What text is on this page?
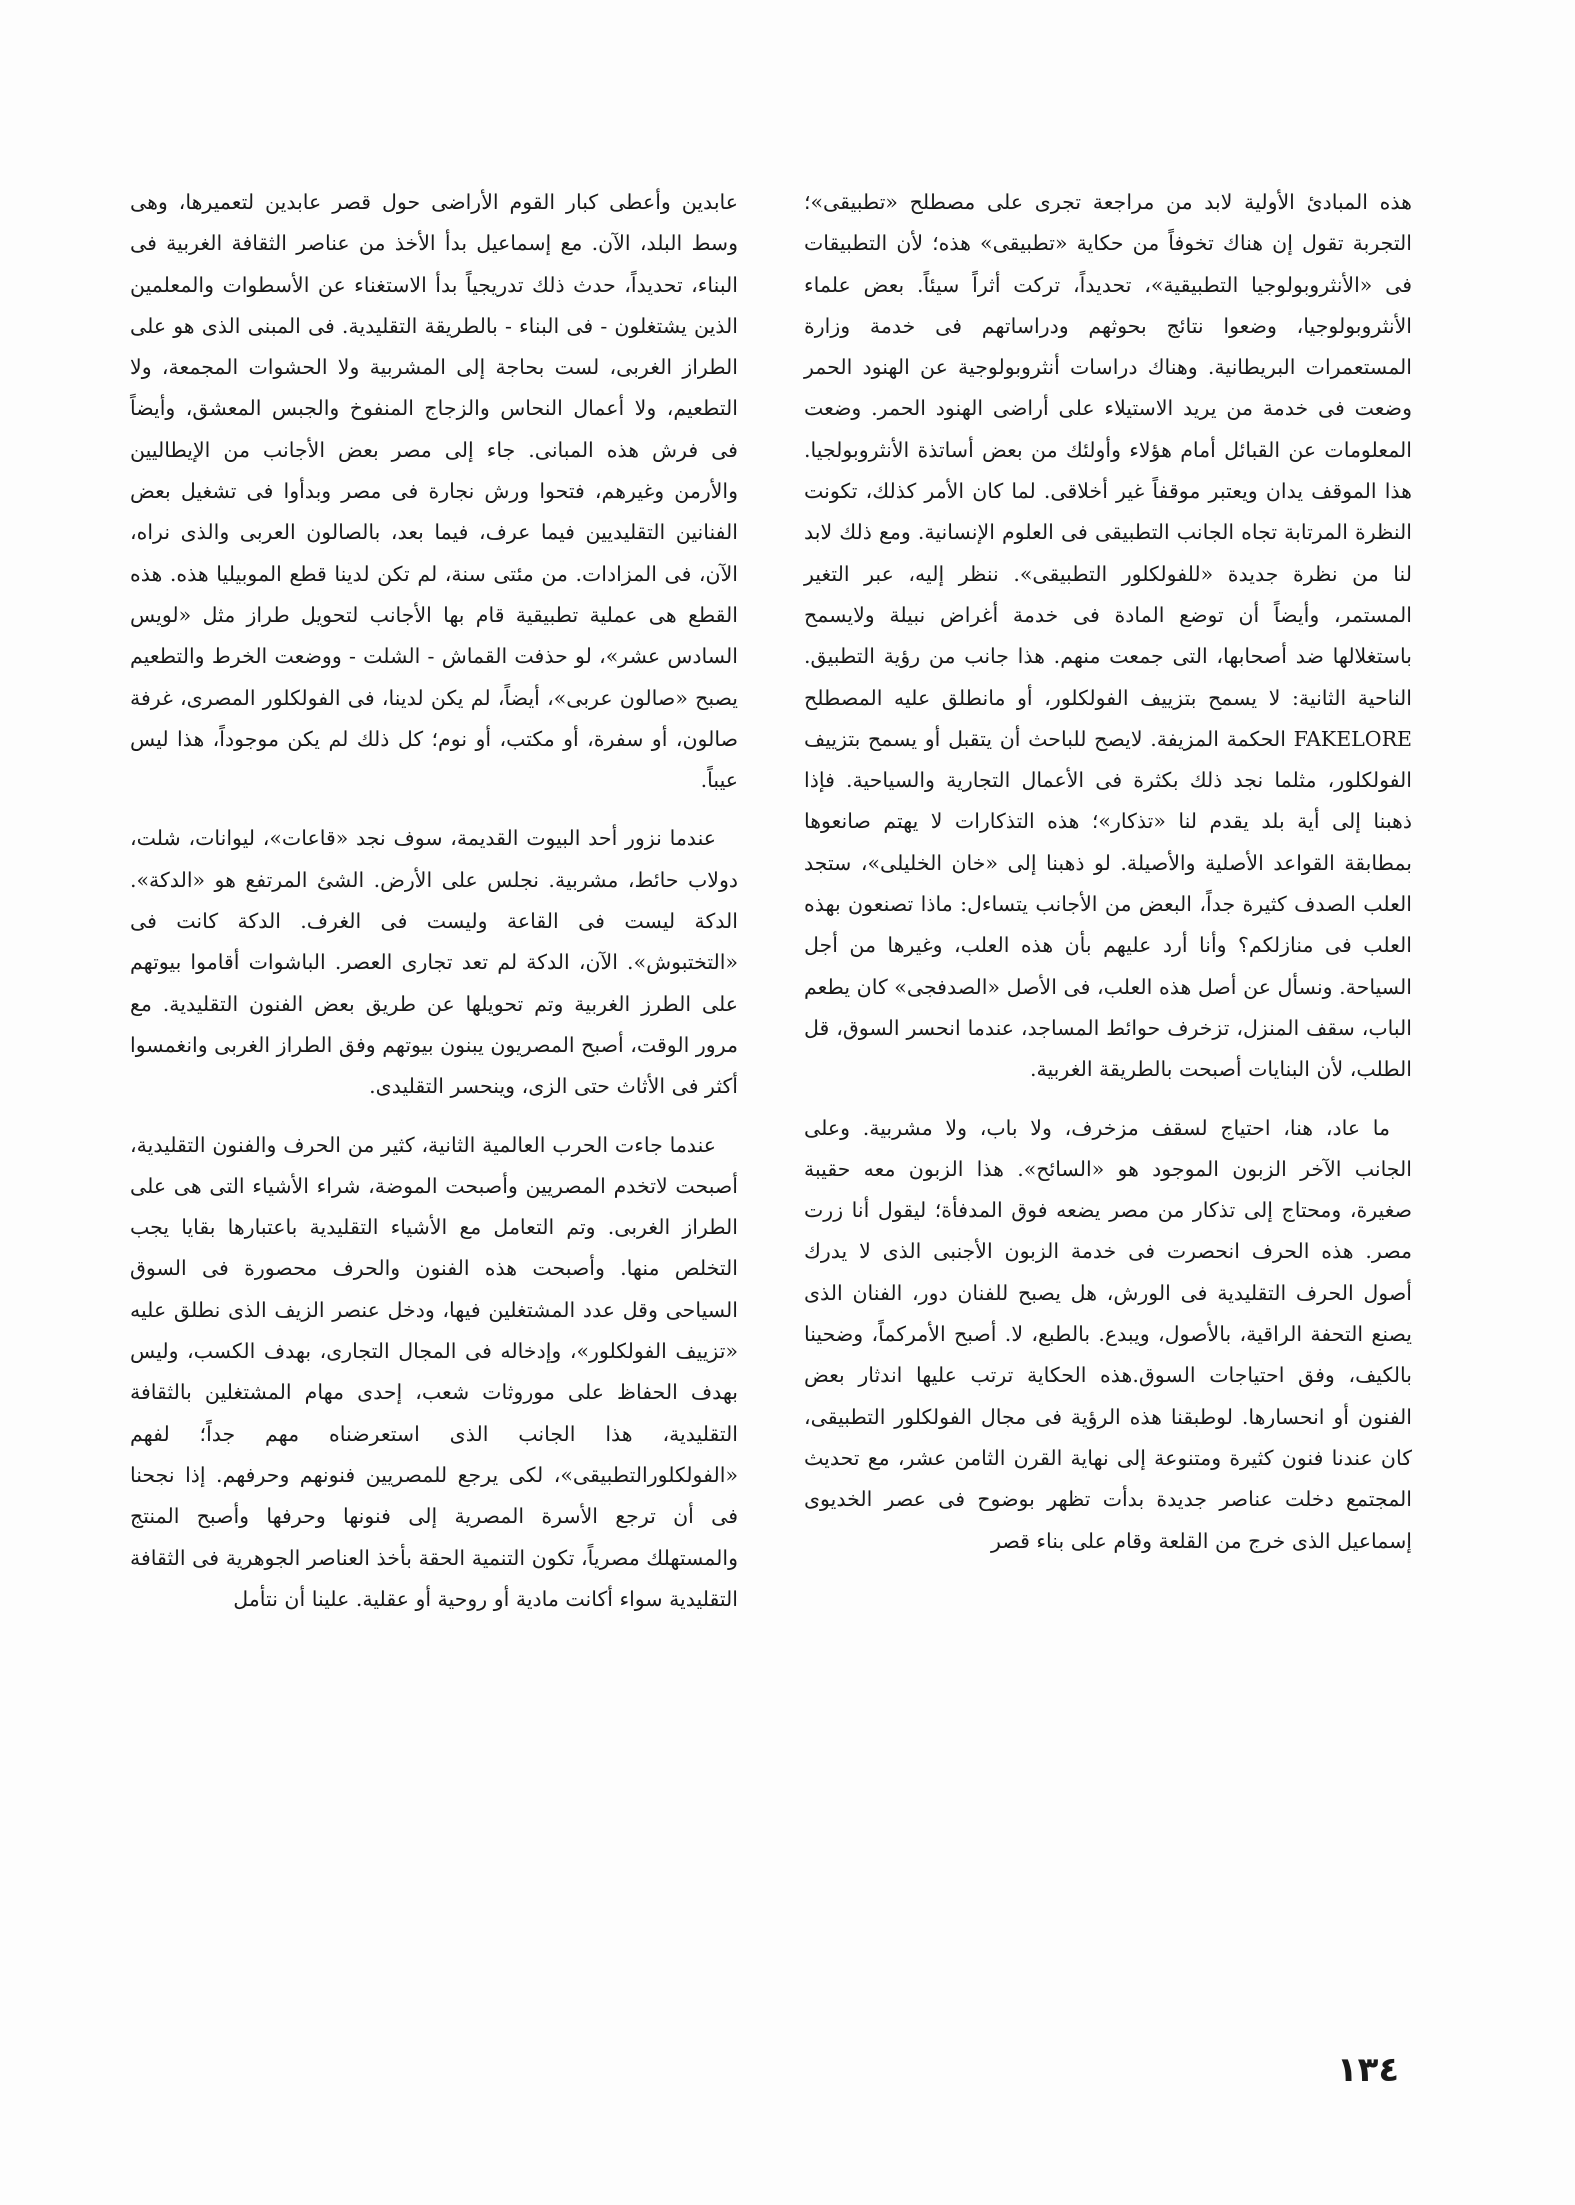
هذه المبادئ الأولية لابد من مراجعة تجرى على مصطلح «تطبيقى»؛ التجربة تقول إن هناك تخوفاً من حكاية «تطبيقى» هذه؛ لأن التطبيقات فى «الأنثروبولوجيا التطبيقية»، تحديداً، تركت أثراً سيئاً. بعض علماء الأنثروبولوجيا، وضعوا نتائج بحوثهم ودراساتهم فى خدمة وزارة المستعمرات البريطانية. وهناك دراسات أنثروبولوجية عن الهنود الحمر وضعت فى خدمة من يريد الاستيلاء على أراضى الهنود الحمر. وضعت المعلومات عن القبائل أمام هؤلاء وأولئك من بعض أساتذة الأنثروبولجيا. هذا الموقف يدان ويعتبر موقفاً غير أخلاقى. لما كان الأمر كذلك، تكونت النظرة المرتابة تجاه الجانب التطبيقى فى العلوم الإنسانية. ومع ذلك لابد لنا من نظرة جديدة «للفولكلور التطبيقى». ننظر إليه، عبر التغير المستمر، وأيضاً أن توضع المادة فى خدمة أغراض نبيلة ولايسمح باستغلالها ضد أصحابها، التى جمعت منهم. هذا جانب من رؤية التطبيق. الناحية الثانية: لا يسمح بتزييف الفولكلور، أو مانطلق عليه المصطلح FAKELORE الحكمة المزيفة. لايصح للباحث أن يتقبل أو يسمح بتزييف الفولكلور، مثلما نجد ذلك بكثرة فى الأعمال التجارية والسياحية. فإذا ذهبنا إلى أية بلد يقدم لنا «تذكار»؛ هذه التذكارات لا يهتم صانعوها بمطابقة القواعد الأصلية والأصيلة. لو ذهبنا إلى «خان الخليلى»، ستجد العلب الصدف كثيرة جداً، البعض من الأجانب يتساءل: ماذا تصنعون بهذه العلب فى منازلكم؟ وأنا أرد عليهم بأن هذه العلب، وغيرها من أجل السياحة. ونسأل عن أصل هذه العلب، فى الأصل «الصدفجى» كان يطعم الباب، سقف المنزل، تزخرف حوائط المساجد، عندما انحسر السوق، قل الطلب، لأن البنايات أصبحت بالطريقة الغربية.

ما عاد، هنا، احتياج لسقف مزخرف، ولا باب، ولا مشربية. وعلى الجانب الآخر الزبون الموجود هو «السائح». هذا الزبون معه حقيبة صغيرة، ومحتاج إلى تذكار من مصر يضعه فوق المدفأة؛ ليقول أنا زرت مصر. هذه الحرف انحصرت فى خدمة الزبون الأجنبى الذى لا يدرك أصول الحرف التقليدية فى الورش، هل يصبح للفنان دور، الفنان الذى يصنع التحفة الراقية، بالأصول، ويبدع. بالطبع، لا. أصبح الأمركماً، وضحينا بالكيف، وفق احتياجات السوق.هذه الحكاية ترتب عليها اندثار بعض الفنون أو انحسارها. لوطبقنا هذه الرؤية فى مجال الفولكلور التطبيقى، كان عندنا فنون كثيرة ومتنوعة إلى نهاية القرن الثامن عشر، مع تحديث المجتمع دخلت عناصر جديدة بدأت تظهر بوضوح فى عصر الخديوى إسماعيل الذى خرج من القلعة وقام على بناء قصر

عابدين وأعطى كبار القوم الأراضى حول قصر عابدين لتعميرها، وهى وسط البلد، الآن. مع إسماعيل بدأ الأخذ من عناصر الثقافة الغربية فى البناء، تحديداً، حدث ذلك تدريجياً بدأ الاستغناء عن الأسطوات والمعلمين الذين يشتغلون - فى البناء - بالطريقة التقليدية. فى المبنى الذى هو على الطراز الغربى، لست بحاجة إلى المشربية ولا الحشوات المجمعة، ولا التطعيم، ولا أعمال النحاس والزجاج المنفوخ والجبس المعشق، وأيضاً فى فرش هذه المبانى. جاء إلى مصر بعض الأجانب من الإيطاليين والأرمن وغيرهم، فتحوا ورش نجارة فى مصر وبدأوا فى تشغيل بعض الفنانين التقليديين فيما عرف، فيما بعد، بالصالون العربى والذى نراه، الآن، فى المزادات. من مئتى سنة، لم تكن لدينا قطع الموبيليا هذه. هذه القطع هى عملية تطبيقية قام بها الأجانب لتحويل طراز مثل «لويس السادس عشر»، لو حذفت القماش - الشلت - ووضعت الخرط والتطعيم يصبح «صالون عربى»، أيضاً، لم يكن لدينا، فى الفولكلور المصرى، غرفة صالون، أو سفرة، أو مكتب، أو نوم؛ كل ذلك لم يكن موجوداً، هذا ليس عيباً.

عندما نزور أحد البيوت القديمة، سوف نجد «قاعات»، ليوانات، شلت، دولاب حائط، مشربية. نجلس على الأرض. الشئ المرتفع هو «الدكة». الدكة ليست فى القاعة وليست فى الغرف. الدكة كانت فى «التختبوش». الآن، الدكة لم تعد تجارى العصر. الباشوات أقاموا بيوتهم على الطرز الغربية وتم تحويلها عن طريق بعض الفنون التقليدية. مع مرور الوقت، أصبح المصريون يبنون بيوتهم وفق الطراز الغربى وانغمسوا أكثر فى الأثاث حتى الزى، وينحسر التقليدى.

عندما جاءت الحرب العالمية الثانية، كثير من الحرف والفنون التقليدية، أصبحت لاتخدم المصريين وأصبحت الموضة، شراء الأشياء التى هى على الطراز الغربى. وتم التعامل مع الأشياء التقليدية باعتبارها بقايا يجب التخلص منها. وأصبحت هذه الفنون والحرف محصورة فى السوق السياحى وقل عدد المشتغلين فيها، ودخل عنصر الزيف الذى نطلق عليه «تزييف الفولكلور»، وإدخاله فى المجال التجارى، بهدف الكسب، وليس بهدف الحفاظ على موروثات شعب، إحدى مهام المشتغلين بالثقافة التقليدية، هذا الجانب الذى استعرضناه مهم جداً؛ لفهم «الفولكلورالتطبيقى»، لكى يرجع للمصريين فنونهم وحرفهم. إذا نجحنا فى أن ترجع الأسرة المصرية إلى فنونها وحرفها وأصبح المنتج والمستهلك مصرياً، تكون التنمية الحقة بأخذ العناصر الجوهرية فى الثقافة التقليدية سواء أكانت مادية أو روحية أو عقلية. علينا أن نتأمل

١٣٤
